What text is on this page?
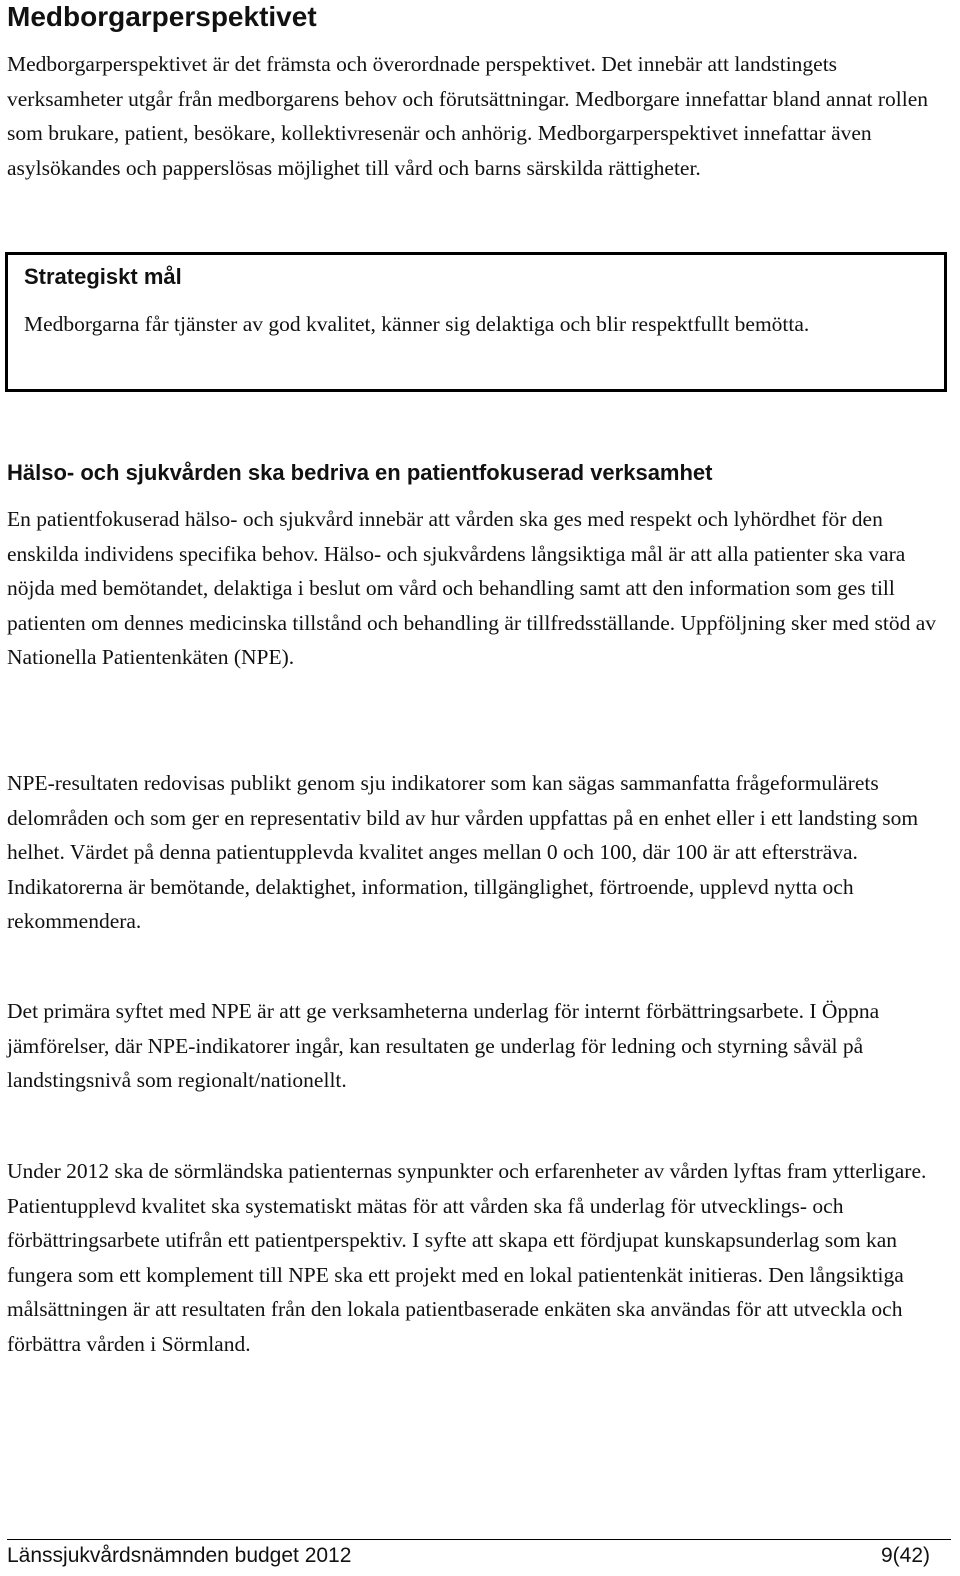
Medborgarperspektivet

Medborgarperspektivet är det främsta och överordnade perspektivet. Det innebär att landstingets verksamheter utgår från medborgarens behov och förutsättningar. Medborgare innefattar bland annat rollen som brukare, patient, besökare, kollektivresenär och anhörig. Medborgarperspektivet innefattar även asylsökandes och papperslösas möjlighet till vård och barns särskilda rättigheter.

Strategiskt mål
Medborgarna får tjänster av god kvalitet, känner sig delaktiga och blir respektfullt bemötta.
Hälso- och sjukvården ska bedriva en patientfokuserad verksamhet

En patientfokuserad hälso- och sjukvård innebär att vården ska ges med respekt och lyhördhet för den enskilda individens specifika behov. Hälso- och sjukvårdens långsiktiga mål är att alla patienter ska vara nöjda med bemötandet, delaktiga i beslut om vård och behandling samt att den information som ges till patienten om dennes medicinska tillstånd och behandling är tillfredsställande. Uppföljning sker med stöd av Nationella Patientenkäten (NPE).

NPE-resultaten redovisas publikt genom sju indikatorer som kan sägas sammanfatta frågeformulärets delområden och som ger en representativ bild av hur vården uppfattas på en enhet eller i ett landsting som helhet. Värdet på denna patientupplevda kvalitet anges mellan 0 och 100, där 100 är att eftersträva. Indikatorerna är bemötande, delaktighet, information, tillgänglighet, förtroende, upplevd nytta och rekommendera.

Det primära syftet med NPE är att ge verksamheterna underlag för internt förbättringsarbete. I Öppna jämförelser, där NPE-indikatorer ingår, kan resultaten ge underlag för ledning och styrning såväl på landstingsnivå som regionalt/nationellt.

Under 2012 ska de sörmländska patienternas synpunkter och erfarenheter av vården lyftas fram ytterligare. Patientupplevd kvalitet ska systematiskt mätas för att vården ska få underlag för utvecklings- och förbättringsarbete utifrån ett patientperspektiv. I syfte att skapa ett fördjupat kunskapsunderlag som kan fungera som ett komplement till NPE ska ett projekt med en lokal patientenkät initieras. Den långsiktiga målsättningen är att resultaten från den lokala patientbaserade enkäten ska användas för att utveckla och förbättra vården i Sörmland.

Länssjukvårdsnämnden budget 2012	9(42)
